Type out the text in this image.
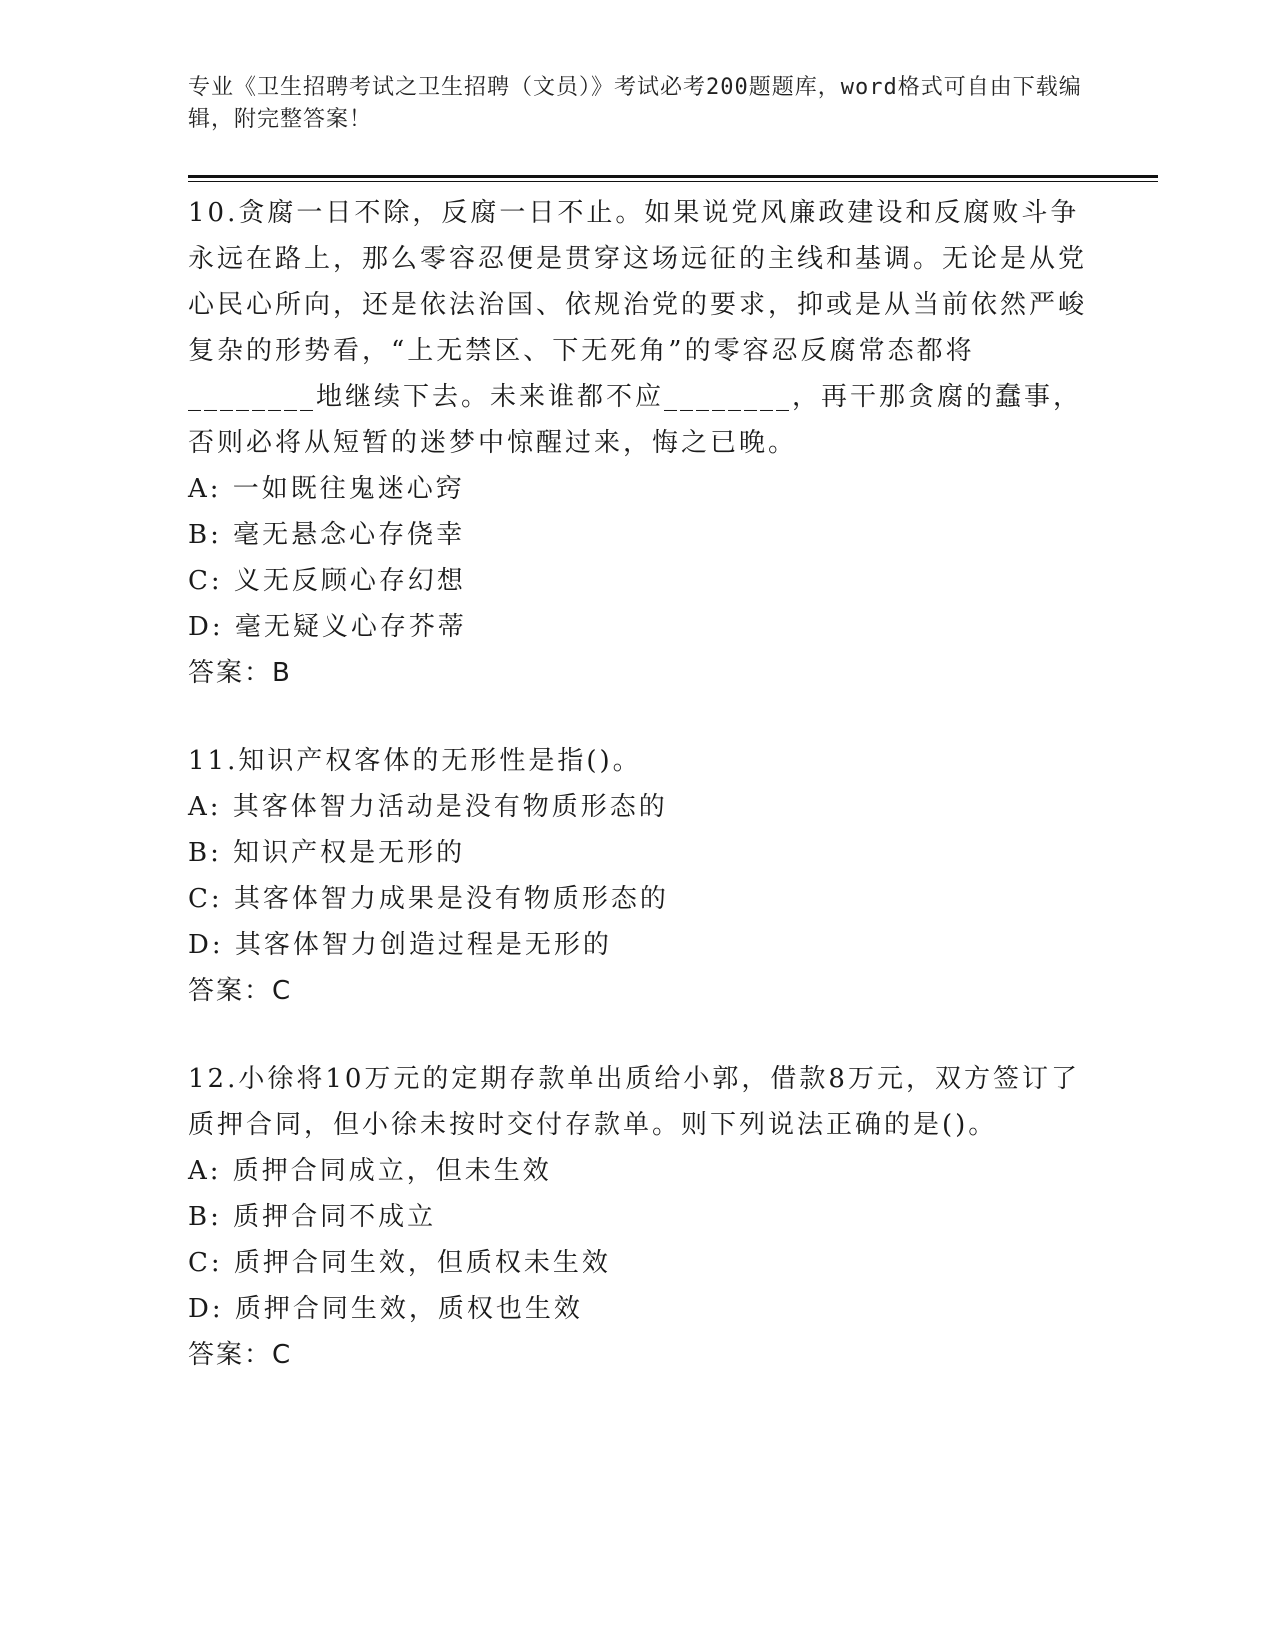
专业《卫生招聘考试之卫生招聘（文员）》考试必考200题题库，word格式可自由下载编辑，附完整答案！

10.贪腐一日不除，反腐一日不止。如果说党风廉政建设和反腐败斗争永远在路上，那么零容忍便是贯穿这场远征的主线和基调。无论是从党心民心所向，还是依法治国、依规治党的要求，抑或是从当前依然严峻复杂的形势看，“上无禁区、下无死角”的零容忍反腐常态都将________地继续下去。未来谁都不应________，再干那贪腐的蠢事，否则必将从短暂的迷梦中惊醒过来，悔之已晚。

A: 一如既往鬼迷心窍

B: 毫无悬念心存侥幸

C: 义无反顾心存幻想

D: 毫无疑义心存芥蒂

答案：B

11.知识产权客体的无形性是指()。

A: 其客体智力活动是没有物质形态的

B: 知识产权是无形的

C: 其客体智力成果是没有物质形态的

D: 其客体智力创造过程是无形的

答案：C

12.小徐将10万元的定期存款单出质给小郭，借款8万元，双方签订了质押合同，但小徐未按时交付存款单。则下列说法正确的是()。

A: 质押合同成立，但未生效

B: 质押合同不成立

C: 质押合同生效，但质权未生效

D: 质押合同生效，质权也生效

答案：C
